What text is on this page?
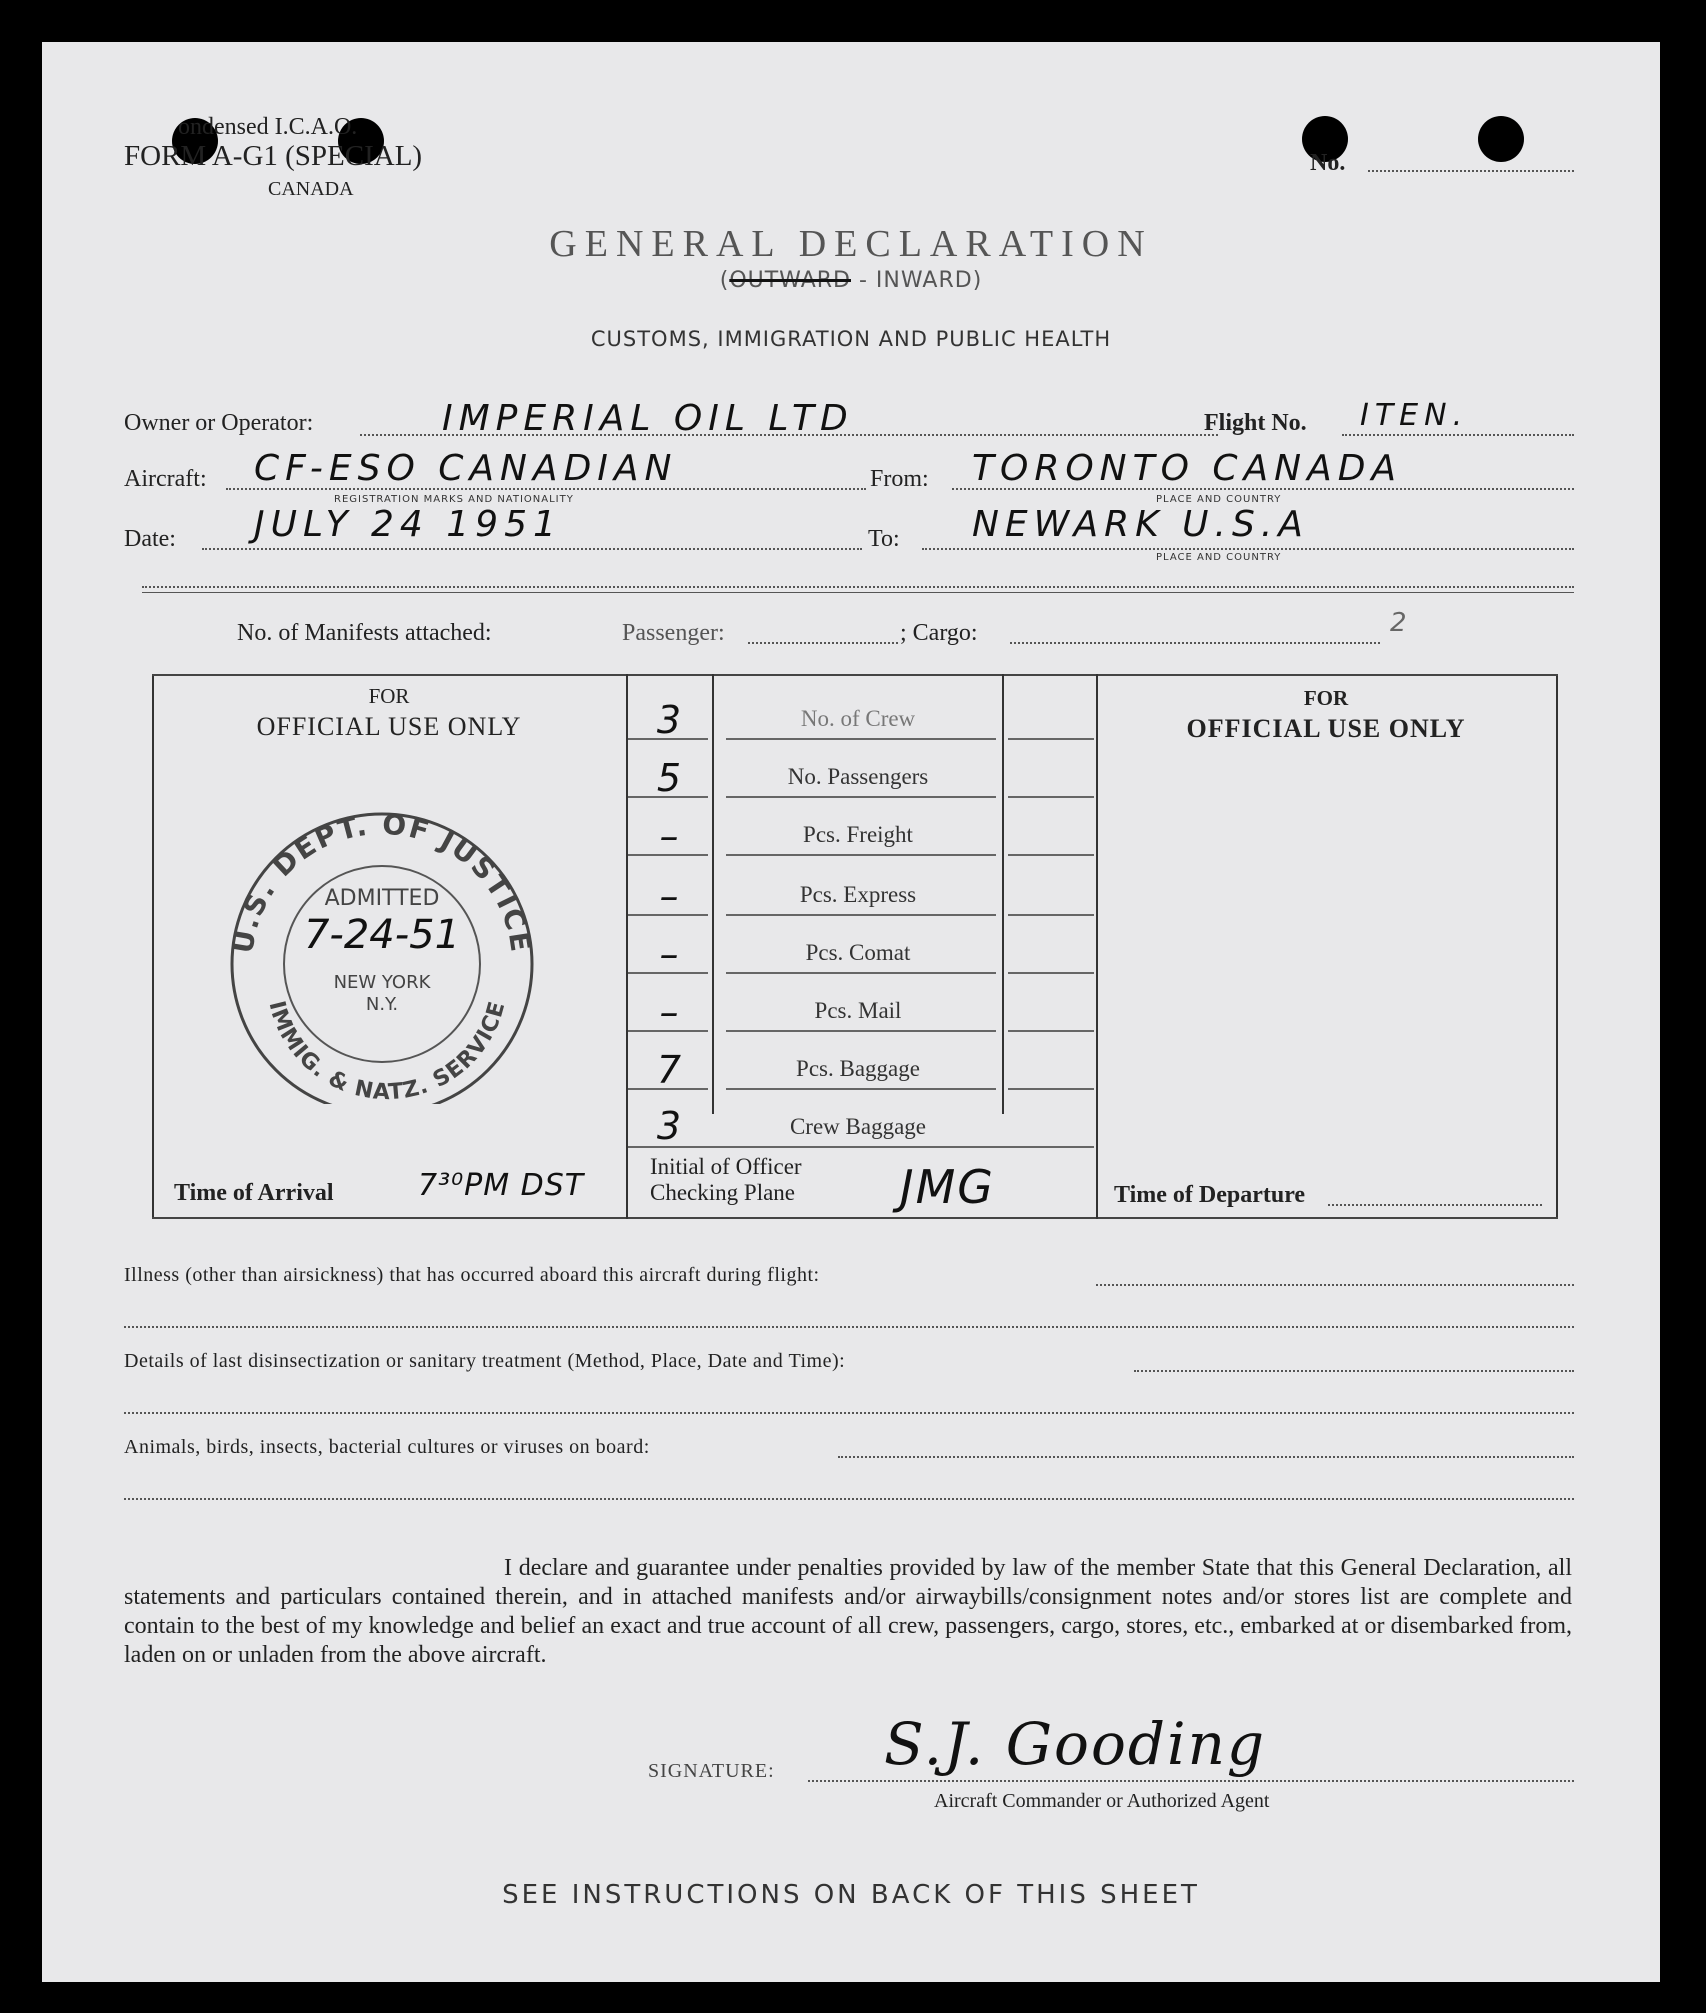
ondensed I.C.A.O.
FORM A-G1 (SPECIAL)
CANADA
No.
GENERAL DECLARATION
(OUTWARD - INWARD)
CUSTOMS, IMMIGRATION AND PUBLIC HEALTH
Owner or Operator:	IMPERIAL OIL LTD	Flight No. ITEN.
Aircraft: CF-ESO CANADIAN
REGISTRATION MARKS AND NATIONALITY
From: TORONTO CANADA
PLACE AND COUNTRY
Date: JULY 24 1951	To: NEWARK U.S.A
PLACE AND COUNTRY
No. of Manifests attached:	Passenger:	; Cargo:	2
FOR
OFFICIAL USE ONLY
FOR
OFFICIAL USE ONLY
U.S. DEPT. OF JUSTICE
IMMIG. & NATZ. SERVICE
ADMITTED
7-24-51
NEW YORK
N.Y.
3	No. of Crew
5	No. Passengers
–	Pcs. Freight
–	Pcs. Express
–	Pcs. Comat
–	Pcs. Mail
7	Pcs. Baggage
3	Crew Baggage
Time of Arrival	7³⁰PM DST
Initial of Officer
Checking Plane JMG	Time of Departure
Illness (other than airsickness) that has occurred aboard this aircraft during flight:
Details of last disinsectization or sanitary treatment (Method, Place, Date and Time):
Animals, birds, insects, bacterial cultures or viruses on board:
I declare and guarantee under penalties provided by law of the member State that this General Declaration, all statements and particulars contained therein, and in attached manifests and/or airwaybills/consignment notes and/or stores list are complete and contain to the best of my knowledge and belief an exact and true account of all crew, passengers, cargo, stores, etc., embarked at or disembarked from, laden on or unladen from the above aircraft.
SIGNATURE: S.J. Gooding
Aircraft Commander or Authorized Agent
SEE INSTRUCTIONS ON BACK OF THIS SHEET
